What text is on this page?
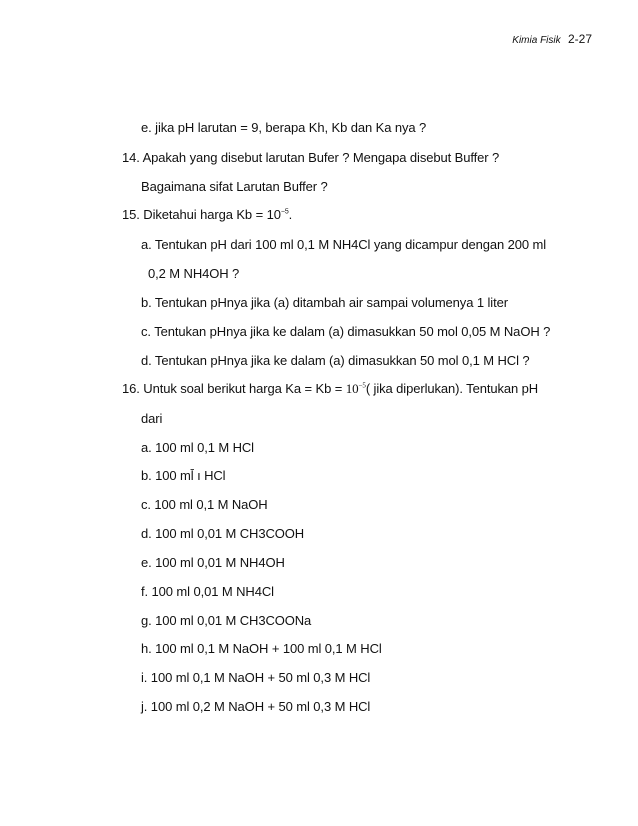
Kimia Fisik 2-27
e. jika pH larutan = 9, berapa Kh, Kb dan Ka nya ?
14. Apakah yang disebut larutan Bufer ? Mengapa disebut Buffer ?
Bagaimana sifat Larutan Buffer ?
15. Diketahui harga $Kb = 10^{-5}$.
a. Tentukan pH dari 100 ml 0,1 M NH4Cl yang dicampur dengan 200 ml
0,2 M NH4OH ?
b. Tentukan pHnya jika (a) ditambah air sampai volumenya 1 liter
c. Tentukan pHnya jika ke dalam (a) dimasukkan 50 mol 0,05 M NaOH ?
d. Tentukan pHnya jika ke dalam (a) dimasukkan 50 mol 0,1 M HCl ?
16. Untuk soal berikut harga $Ka = Kb = 10^{-5}$( jika diperlukan). Tentukan pH
dari
a. 100 ml 0,1 M HCl
b. 100 ml̄ ı HCl
c. 100 ml 0,1 M NaOH
d. 100 ml 0,01 M CH3COOH
e. 100 ml 0,01 M NH4OH
f. 100 ml 0,01 M NH4Cl
g. 100 ml 0,01 M CH3COONa
h. 100 ml 0,1 M NaOH + 100 ml 0,1 M HCl
i. 100 ml 0,1 M NaOH + 50 ml 0,3 M HCl
j. 100 ml 0,2 M NaOH + 50 ml 0,3 M HCl
